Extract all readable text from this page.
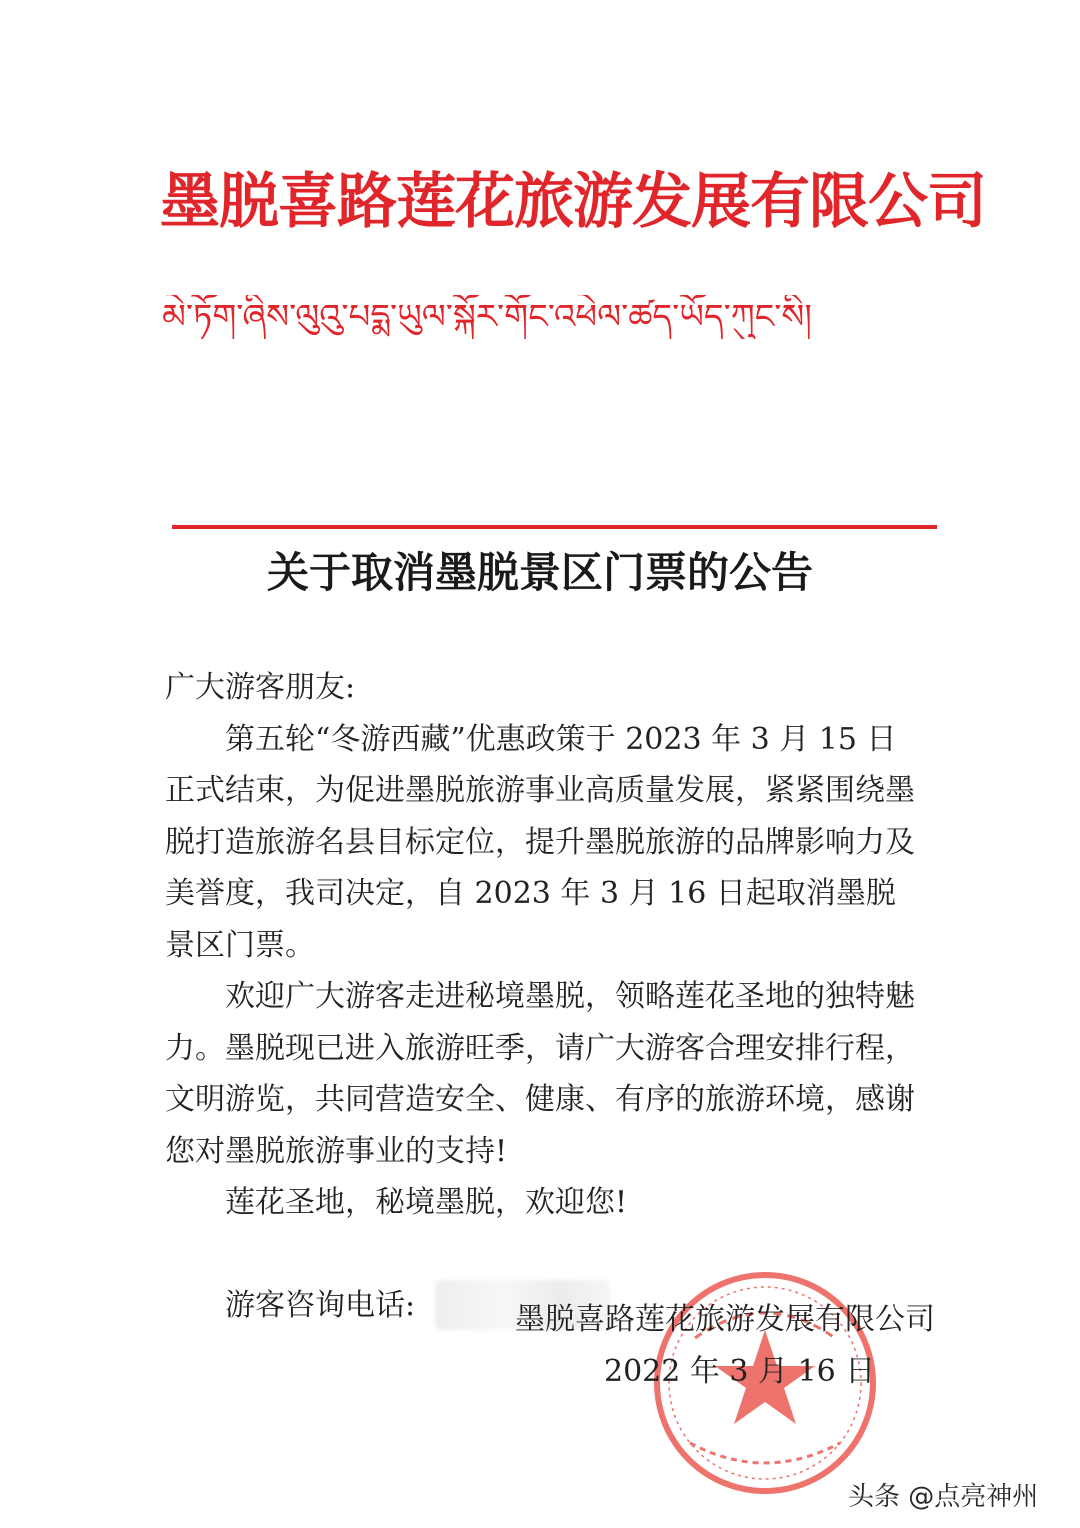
墨脱喜路莲花旅游发展有限公司
མེ་ཏོག་ཞིས་ལུའུ་པདྨ་ཡུལ་སྐོར་གོང་འཕེལ་ཚད་ཡོད་ཀུང་སི།
关于取消墨脱景区门票的公告

广大游客朋友:

第五轮“冬游西藏”优惠政策于 2023 年 3 月 15 日正式结束，为促进墨脱旅游事业高质量发展，紧紧围绕墨脱打造旅游名县目标定位，提升墨脱旅游的品牌影响力及美誉度，我司决定，自 2023 年 3 月 16 日起取消墨脱景区门票。

欢迎广大游客走进秘境墨脱，领略莲花圣地的独特魅力。墨脱现已进入旅游旺季，请广大游客合理安排行程，文明游览，共同营造安全、健康、有序的旅游环境，感谢您对墨脱旅游事业的支持!

莲花圣地，秘境墨脱，欢迎您!

游客咨询电话:	墨脱喜路莲花旅游发展有限公司
2022 年 3 月 16 日
头条 @点亮神州
